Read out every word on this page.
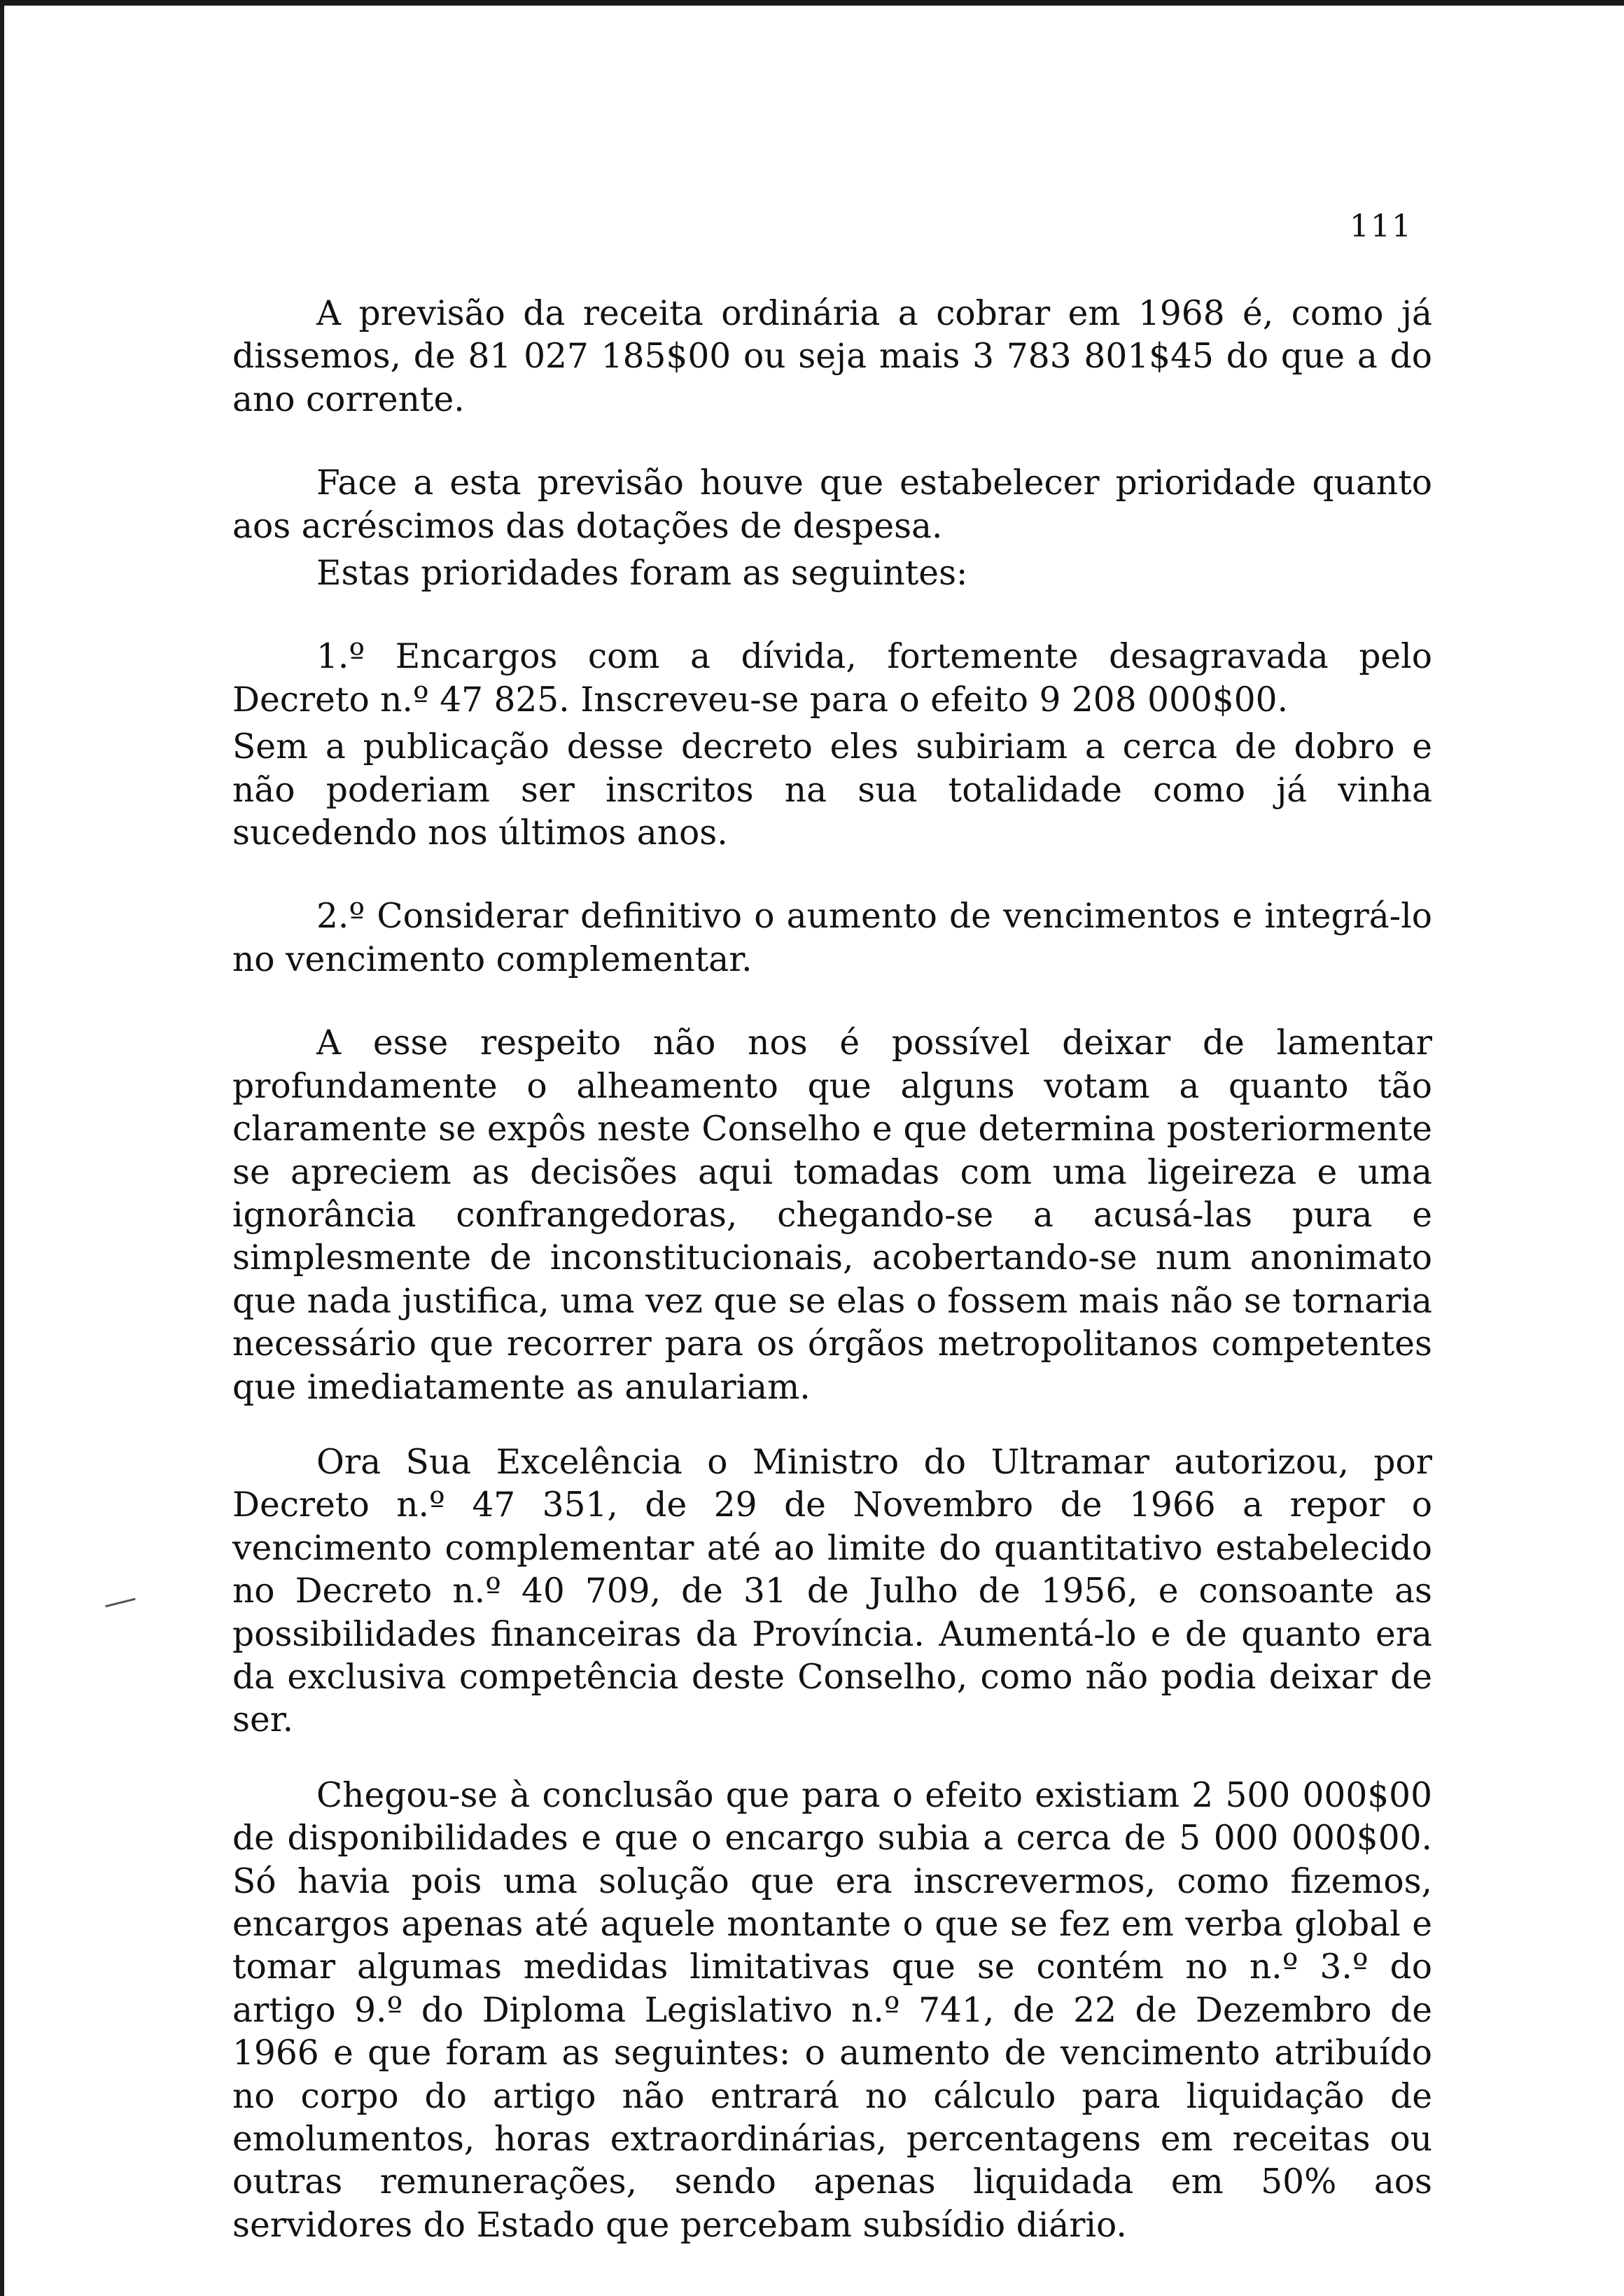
111

A previsão da receita ordinária a cobrar em 1968 é, como já dissemos, de 81 027 185$00 ou seja mais 3 783 801$45 do que a do ano corrente.

Face a esta previsão houve que estabelecer prioridade quanto aos acréscimos das dotações de despesa.

Estas prioridades foram as seguintes:

1.º Encargos com a dívida, fortemente desagravada pelo Decreto n.º 47 825. Inscreveu-se para o efeito 9 208 000$00.

Sem a publicação desse decreto eles subiriam a cerca de dobro e não poderiam ser inscritos na sua totalidade como já vinha sucedendo nos últimos anos.

2.º Considerar definitivo o aumento de vencimentos e integrá-lo no vencimento complementar.

A esse respeito não nos é possível deixar de lamentar profundamente o alheamento que alguns votam a quanto tão claramente se expôs neste Conselho e que determina posteriormente se apreciem as decisões aqui tomadas com uma ligeireza e uma ignorância confrangedoras, chegando-se a acusá-las pura e simplesmente de inconstitucionais, acobertando-se num anonimato que nada justifica, uma vez que se elas o fossem mais não se tornaria necessário que recorrer para os órgãos metropolitanos competentes que imediatamente as anulariam.

Ora Sua Excelência o Ministro do Ultramar autorizou, por Decreto n.º 47 351, de 29 de Novembro de 1966 a repor o vencimento complementar até ao limite do quantitativo estabelecido no Decreto n.º 40 709, de 31 de Julho de 1956, e consoante as possibilidades financeiras da Província. Aumentá-lo e de quanto era da exclusiva competência deste Conselho, como não podia deixar de ser.

Chegou-se à conclusão que para o efeito existiam 2 500 000$00 de disponibilidades e que o encargo subia a cerca de 5 000 000$00. Só havia pois uma solução que era inscrevermos, como fizemos, encargos apenas até aquele montante o que se fez em verba global e tomar algumas medidas limitativas que se contém no n.º 3.º do artigo 9.º do Diploma Legislativo n.º 741, de 22 de Dezembro de 1966 e que foram as seguintes: o aumento de vencimento atribuído no corpo do artigo não entrará no cálculo para liquidação de emolumentos, horas extraordinárias, percentagens em receitas ou outras remunerações, sendo apenas liquidada em 50% aos servidores do Estado que percebam subsídio diário.
